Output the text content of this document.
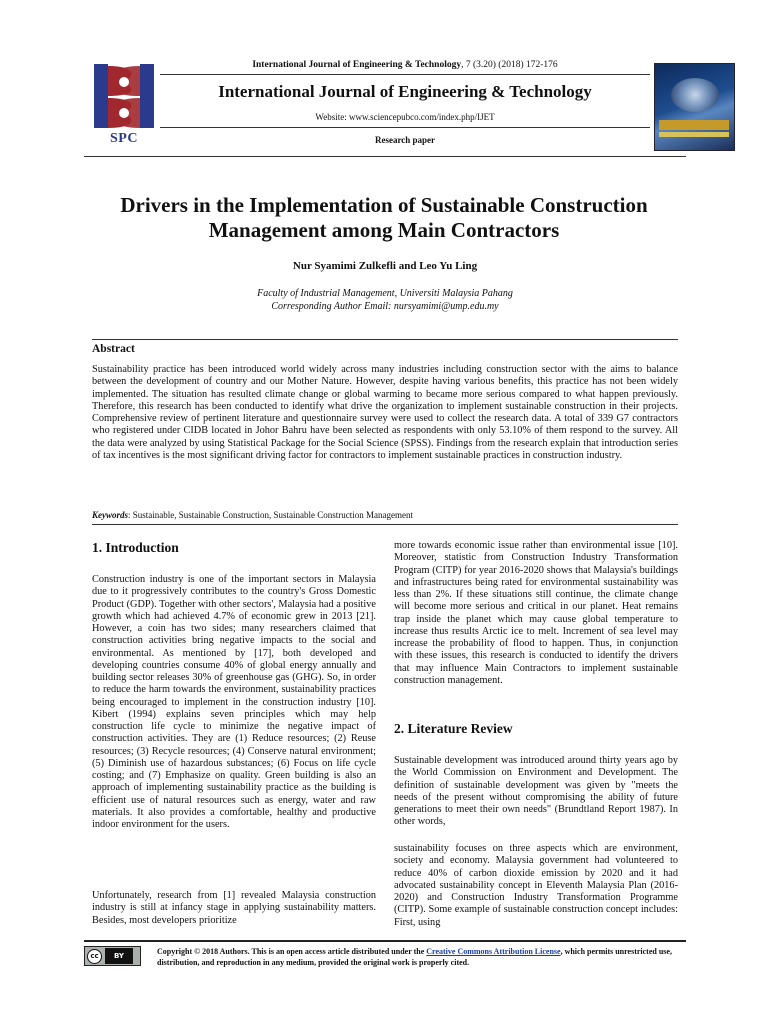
SPC
International Journal of Engineering & Technology, 7 (3.20) (2018) 172-176
International Journal of Engineering & Technology
Website: www.sciencepubco.com/index.php/IJET
Research paper
Drivers in the Implementation of Sustainable Construction
Management among Main Contractors
Nur Syamimi Zulkefli and Leo Yu Ling
Faculty of Industrial Management, Universiti Malaysia Pahang
Corresponding Author Email: nursyamimi@ump.edu.my
Abstract
Sustainability practice has been introduced world widely across many industries including construction sector with the aims to balance between the development of country and our Mother Nature. However, despite having various benefits, this practice has not been widely implemented. The situation has resulted climate change or global warming to became more serious compared to what happen previously. Therefore, this research has been conducted to identify what drive the organization to implement sustainable construction in their projects. Comprehensive review of pertinent literature and questionnaire survey were used to collect the research data. A total of 339 G7 contractors who registered under CIDB located in Johor Bahru have been selected as respondents with only 53.10% of them respond to the survey. All the data were analyzed by using Statistical Package for the Social Science (SPSS). Findings from the research explain that introduction series of tax incentives is the most significant driving factor for contractors to implement sustainable practices in construction industry.
Keywords: Sustainable, Sustainable Construction, Sustainable Construction Management
1. Introduction
Construction industry is one of the important sectors in Malaysia due to it progressively contributes to the country's Gross Domestic Product (GDP). Together with other sectors', Malaysia had a positive growth which had achieved 4.7% of economic grew in 2013 [21]. However, a coin has two sides; many researchers claimed that construction activities bring negative impacts to the social and environmental. As mentioned by [17], both developed and developing countries consume 40% of global energy annually and building sector releases 30% of greenhouse gas (GHG). So, in order to reduce the harm towards the environment, sustainability practices being encouraged to implement in the construction industry [10]. Kibert (1994) explains seven principles which may help construction life cycle to minimize the negative impact of construction activities. They are (1) Reduce resources; (2) Reuse resources; (3) Recycle resources; (4) Conserve natural environment; (5) Diminish use of hazardous substances; (6) Focus on life cycle costing; and (7) Emphasize on quality. Green building is also an approach of implementing sustainability practice as the building is efficient use of natural resources such as energy, water and raw materials. It also provides a comfortable, healthy and productive indoor environment for the users.
Unfortunately, research from [1] revealed Malaysia construction industry is still at infancy stage in applying sustainability matters. Besides, most developers prioritize
more towards economic issue rather than environmental issue [10]. Moreover, statistic from Construction Industry Transformation Program (CITP) for year 2016-2020 shows that Malaysia's buildings and infrastructures being rated for environmental sustainability was less than 2%. If these situations still continue, the climate change will become more serious and critical in our planet. Heat remains trap inside the planet which may cause global temperature to increase thus results Arctic ice to melt. Increment of sea level may increase the probability of flood to happen. Thus, in conjunction with these issues, this research is conducted to identify the drivers that may influence Main Contractors to implement sustainable construction management.
2. Literature Review
Sustainable development was introduced around thirty years ago by the World Commission on Environment and Development. The definition of sustainable development was given by "meets the needs of the present without compromising the ability of future generations to meet their own needs" (Brundtland Report 1987). In other words,
sustainability focuses on three aspects which are environment, society and economy. Malaysia government had volunteered to reduce 40% of carbon dioxide emission by 2020 and it had advocated sustainability concept in Eleventh Malaysia Plan (2016-2020) and Construction Industry Transformation Programme (CITP). Some example of sustainable construction concept includes: First, using
cc	BY	Copyright © 2018 Authors. This is an open access article distributed under the Creative Commons Attribution License, which permits unrestricted use, distribution, and reproduction in any medium, provided the original work is properly cited.
